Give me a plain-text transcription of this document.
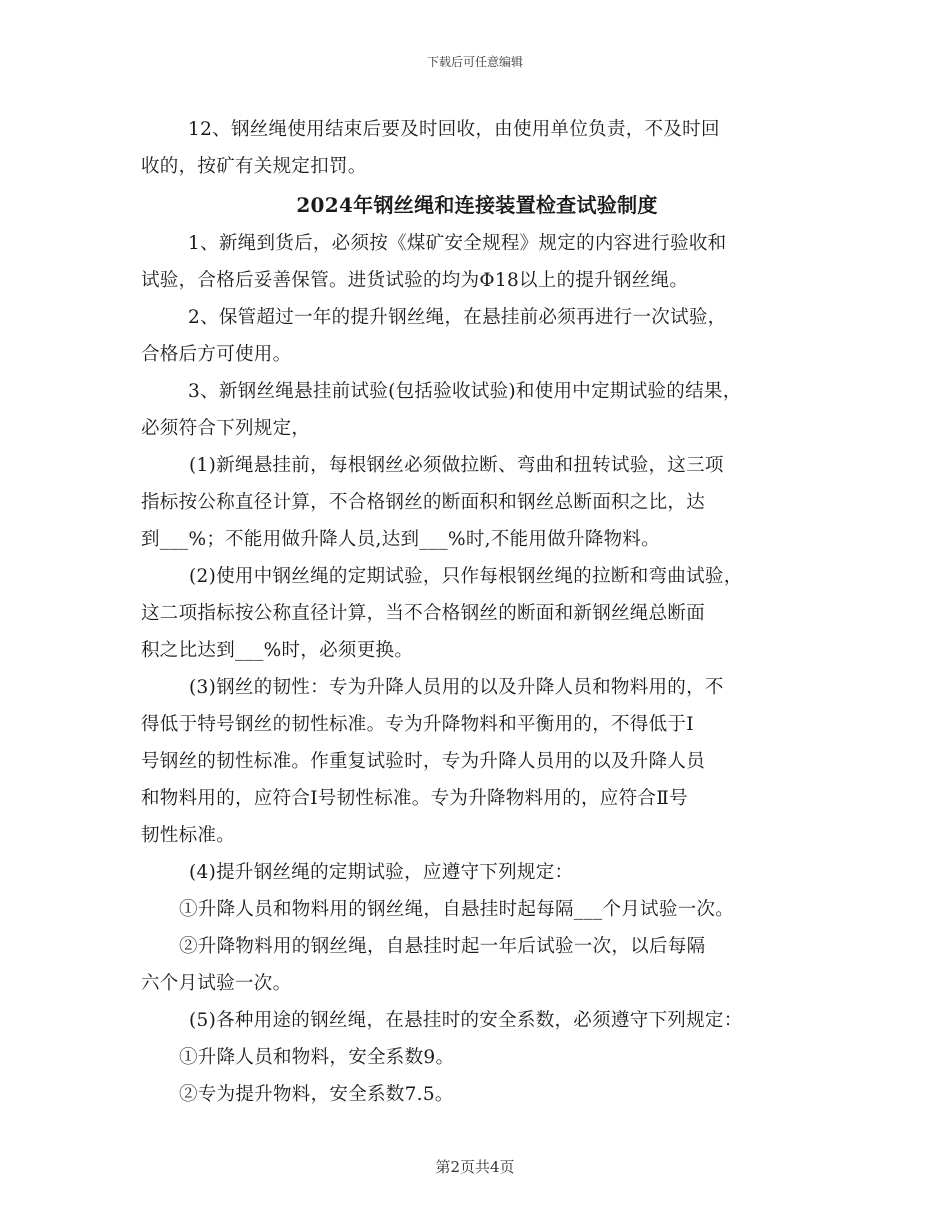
下载后可任意编辑
12、钢丝绳使用结束后要及时回收，由使用单位负责，不及时回
收的，按矿有关规定扣罚。
2024年钢丝绳和连接装置检查试验制度
1、新绳到货后，必须按《煤矿安全规程》规定的内容进行验收和
试验，合格后妥善保管。进货试验的均为Φ18以上的提升钢丝绳。
2、保管超过一年的提升钢丝绳，在悬挂前必须再进行一次试验，
合格后方可使用。
3、新钢丝绳悬挂前试验(包括验收试验)和使用中定期试验的结果，
必须符合下列规定，
(1)新绳悬挂前，每根钢丝必须做拉断、弯曲和扭转试验，这三项
指标按公称直径计算，不合格钢丝的断面积和钢丝总断面积之比，达
到___%；不能用做升降人员,达到___%时,不能用做升降物料。
(2)使用中钢丝绳的定期试验，只作每根钢丝绳的拉断和弯曲试验，
这二项指标按公称直径计算，当不合格钢丝的断面和新钢丝绳总断面
积之比达到___%时，必须更换。
(3)钢丝的韧性：专为升降人员用的以及升降人员和物料用的，不
得低于特号钢丝的韧性标准。专为升降物料和平衡用的，不得低于Ⅰ
号钢丝的韧性标准。作重复试验时，专为升降人员用的以及升降人员
和物料用的，应符合Ⅰ号韧性标准。专为升降物料用的，应符合Ⅱ号
韧性标准。
(4)提升钢丝绳的定期试验，应遵守下列规定：
①升降人员和物料用的钢丝绳，自悬挂时起每隔___个月试验一次。
②升降物料用的钢丝绳，自悬挂时起一年后试验一次，以后每隔
六个月试验一次。
(5)各种用途的钢丝绳，在悬挂时的安全系数，必须遵守下列规定：
①升降人员和物料，安全系数9。
②专为提升物料，安全系数7.5。
第2页共4页
